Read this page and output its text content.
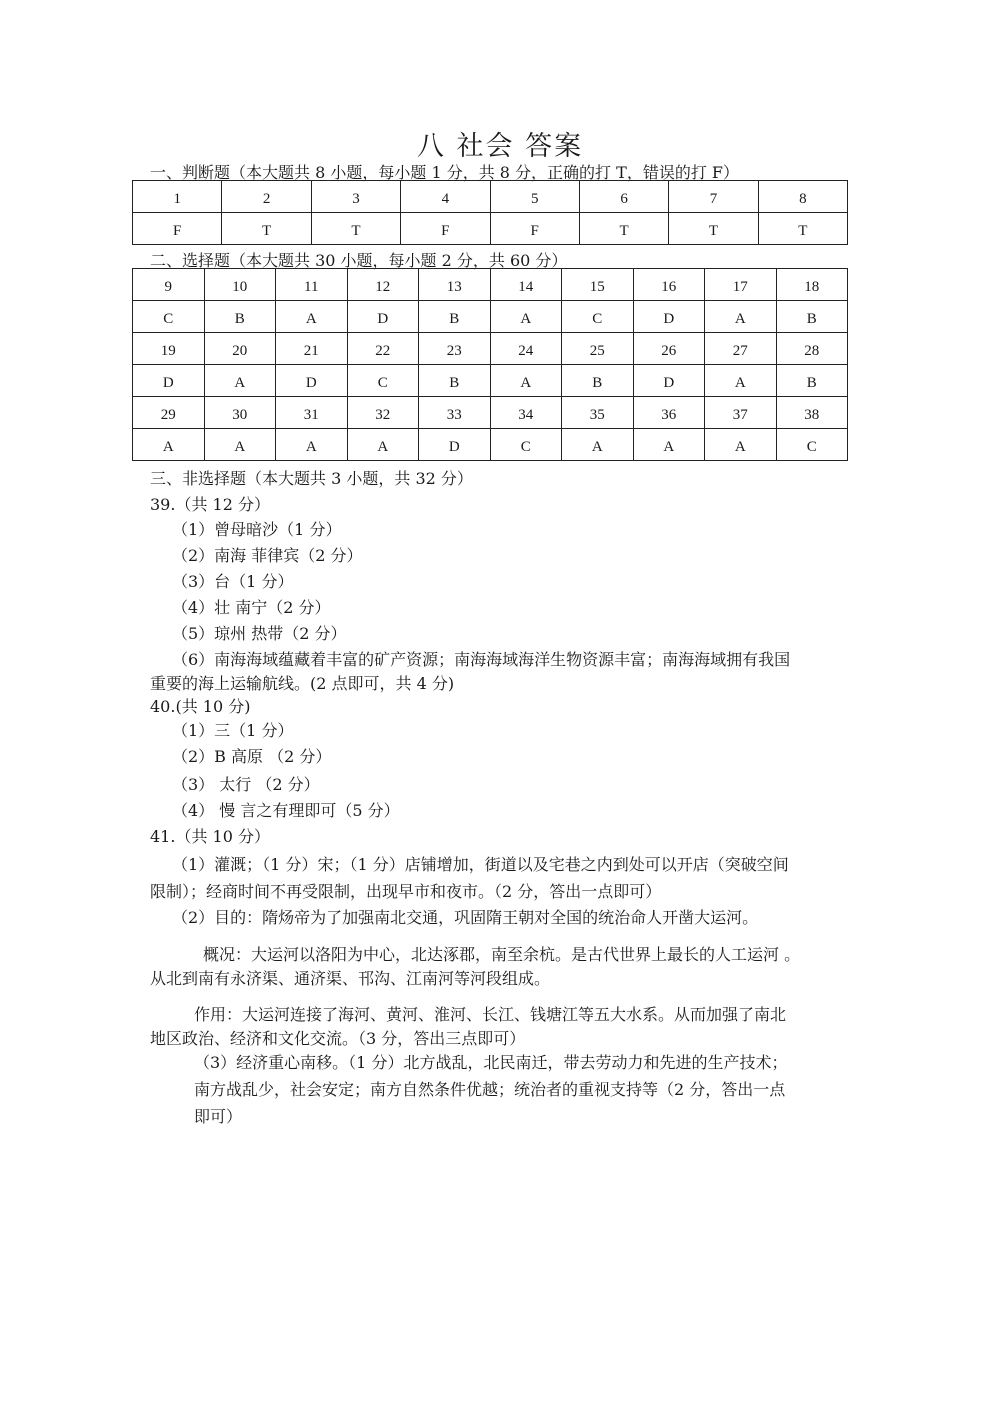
八 社会 答案
一、判断题（本大题共 8 小题，每小题 1 分，共 8 分，正确的打 T，错误的打 F）
1	2	3	4	5	6	7	8
F	T	T	F	F	T	T	T
二、选择题（本大题共 30 小题，每小题 2 分，共 60 分）
9	10	11	12	13	14	15	16	17	18
C	B	A	D	B	A	C	D	A	B
19	20	21	22	23	24	25	26	27	28
D	A	D	C	B	A	B	D	A	B
29	30	31	32	33	34	35	36	37	38
A	A	A	A	D	C	A	A	A	C
三、非选择题（本大题共 3 小题，共 32 分）
39.（共 12 分）
（1）曾母暗沙（1 分）
（2）南海 菲律宾（2 分）
（3）台（1 分）
（4）壮 南宁（2 分）
（5）琼州 热带（2 分）
（6）南海海域蕴藏着丰富的矿产资源；南海海域海洋生物资源丰富；南海海域拥有我国
重要的海上运输航线。(2 点即可，共 4 分)
40.(共 10 分)
（1）三（1 分）
（2）B 高原 （2 分）
（3） 太行 （2 分）
（4） 慢 言之有理即可（5 分）
41.（共 10 分）
（1）灌溉；（1 分）宋；（1 分）店铺增加，街道以及宅巷之内到处可以开店（突破空间
限制）；经商时间不再受限制，出现早市和夜市。（2 分，答出一点即可）
（2）目的：隋炀帝为了加强南北交通，巩固隋王朝对全国的统治命人开凿大运河。
概况：大运河以洛阳为中心，北达涿郡，南至余杭。是古代世界上最长的人工运河 。
从北到南有永济渠、通济渠、邗沟、江南河等河段组成。
作用：大运河连接了海河、黄河、淮河、长江、钱塘江等五大水系。从而加强了南北
地区政治、经济和文化交流。（3 分，答出三点即可）
（3）经济重心南移。（1 分）北方战乱，北民南迁，带去劳动力和先进的生产技术；
南方战乱少，社会安定；南方自然条件优越；统治者的重视支持等（2 分，答出一点
即可）
